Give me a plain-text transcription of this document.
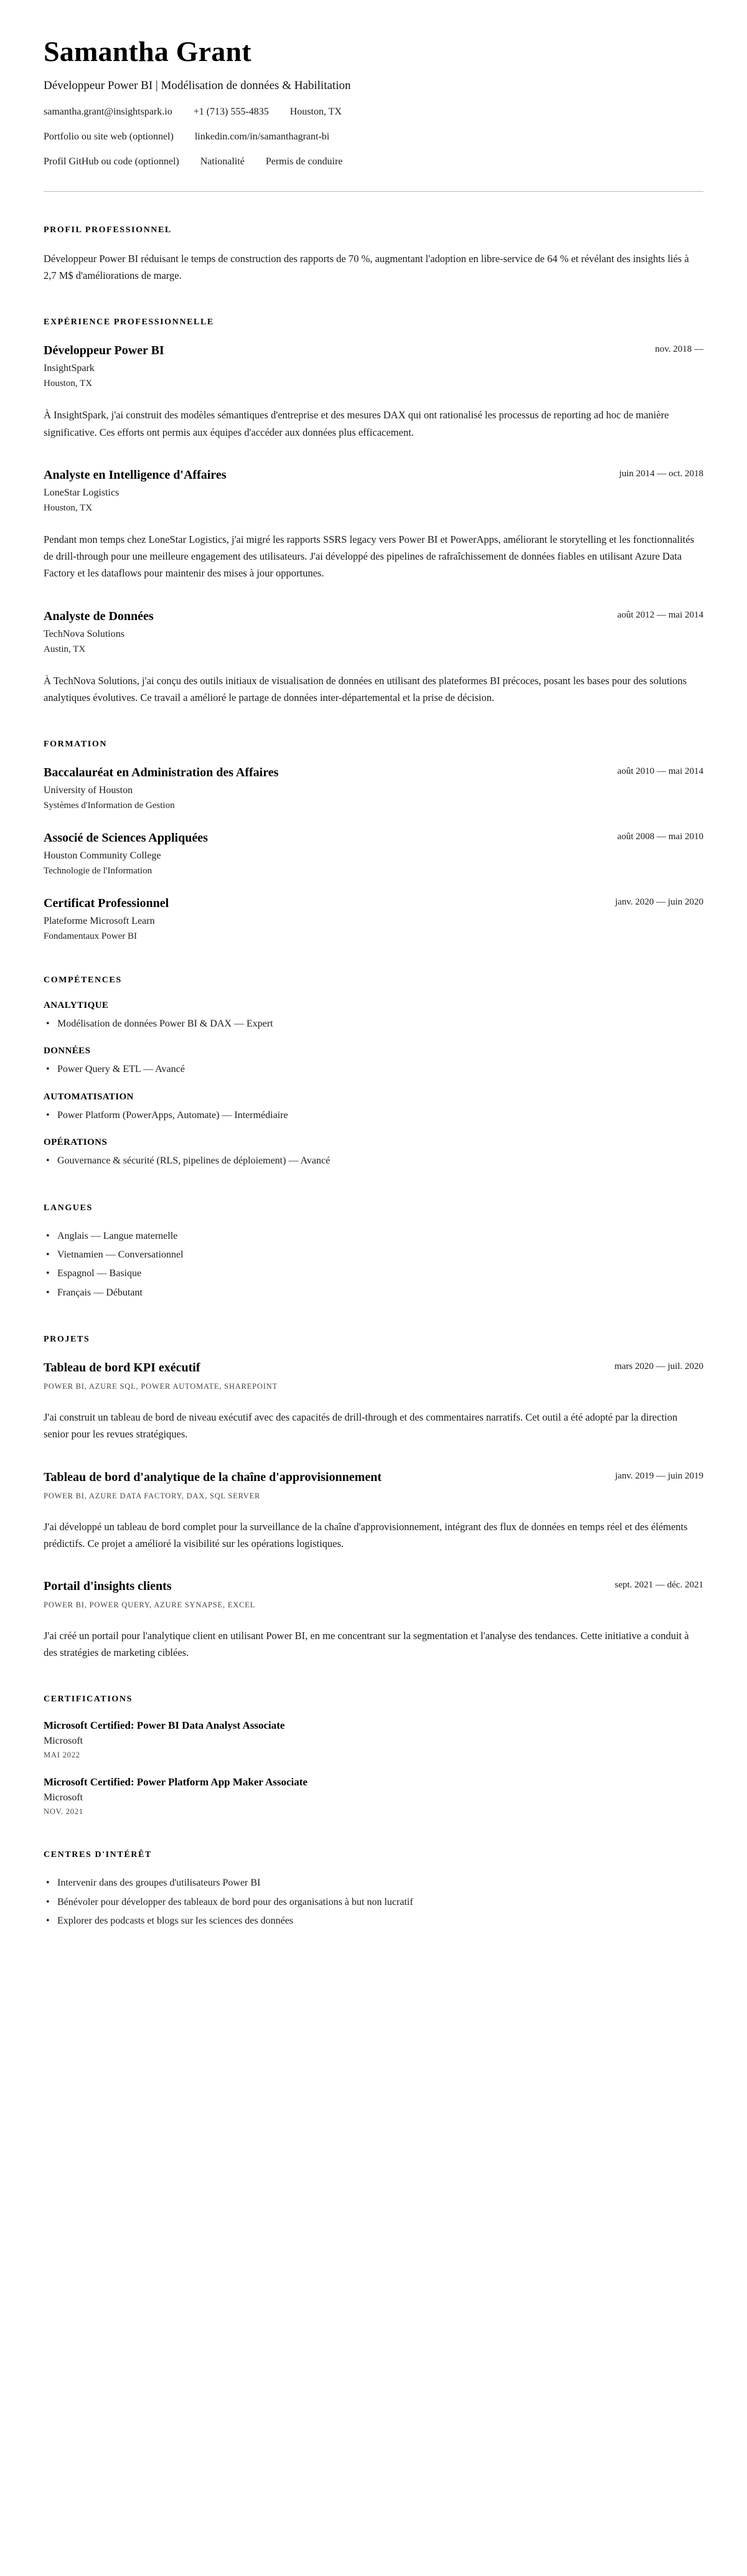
Samantha Grant

Développeur Power BI | Modélisation de données & Habilitation

samantha.grant@insightspark.io +1 (713) 555-4835 Houston, TX
Portfolio ou site web (optionnel) linkedin.com/in/samanthagrant-bi
Profil GitHub ou code (optionnel) Nationalité Permis de conduire
PROFIL PROFESSIONNEL

Développeur Power BI réduisant le temps de construction des rapports de 70 %, augmentant l'adoption en libre-service de 64 % et révélant des insights liés à 2,7 M$ d'améliorations de marge.

EXPÉRIENCE PROFESSIONNELLE
Développeur Power BI	nov. 2018 —
InsightSpark
Houston, TX

À InsightSpark, j'ai construit des modèles sémantiques d'entreprise et des mesures DAX qui ont rationalisé les processus de reporting ad hoc de manière significative. Ces efforts ont permis aux équipes d'accéder aux données plus efficacement.

Analyste en Intelligence d'Affaires	juin 2014 — oct. 2018
LoneStar Logistics
Houston, TX

Pendant mon temps chez LoneStar Logistics, j'ai migré les rapports SSRS legacy vers Power BI et PowerApps, améliorant le storytelling et les fonctionnalités de drill-through pour une meilleure engagement des utilisateurs. J'ai développé des pipelines de rafraîchissement de données fiables en utilisant Azure Data Factory et les dataflows pour maintenir des mises à jour opportunes.

Analyste de Données	août 2012 — mai 2014
TechNova Solutions
Austin, TX

À TechNova Solutions, j'ai conçu des outils initiaux de visualisation de données en utilisant des plateformes BI précoces, posant les bases pour des solutions analytiques évolutives. Ce travail a amélioré le partage de données inter-départemental et la prise de décision.

FORMATION
Baccalauréat en Administration des Affaires	août 2010 — mai 2014
University of Houston
Systèmes d'Information de Gestion
Associé de Sciences Appliquées	août 2008 — mai 2010
Houston Community College
Technologie de l'Information
Certificat Professionnel	janv. 2020 — juin 2020
Plateforme Microsoft Learn
Fondamentaux Power BI
COMPÉTENCES
ANALYTIQUE
• Modélisation de données Power BI & DAX — Expert
DONNÉES
• Power Query & ETL — Avancé
AUTOMATISATION
• Power Platform (PowerApps, Automate) — Intermédiaire
OPÉRATIONS
• Gouvernance & sécurité (RLS, pipelines de déploiement) — Avancé
LANGUES
• Anglais — Langue maternelle
• Vietnamien — Conversationnel
• Espagnol — Basique
• Français — Débutant
PROJETS
Tableau de bord KPI exécutif	mars 2020 — juil. 2020
POWER BI, AZURE SQL, POWER AUTOMATE, SHAREPOINT

J'ai construit un tableau de bord de niveau exécutif avec des capacités de drill-through et des commentaires narratifs. Cet outil a été adopté par la direction senior pour les revues stratégiques.

Tableau de bord d'analytique de la chaîne d'approvisionnement	janv. 2019 — juin 2019
POWER BI, AZURE DATA FACTORY, DAX, SQL SERVER

J'ai développé un tableau de bord complet pour la surveillance de la chaîne d'approvisionnement, intégrant des flux de données en temps réel et des éléments prédictifs. Ce projet a amélioré la visibilité sur les opérations logistiques.

Portail d'insights clients	sept. 2021 — déc. 2021
POWER BI, POWER QUERY, AZURE SYNAPSE, EXCEL

J'ai créé un portail pour l'analytique client en utilisant Power BI, en me concentrant sur la segmentation et l'analyse des tendances. Cette initiative a conduit à des stratégies de marketing ciblées.

CERTIFICATIONS
Microsoft Certified: Power BI Data Analyst Associate
Microsoft
MAI 2022
Microsoft Certified: Power Platform App Maker Associate
Microsoft
NOV. 2021
CENTRES D'INTÉRÊT
• Intervenir dans des groupes d'utilisateurs Power BI
• Bénévoler pour développer des tableaux de bord pour des organisations à but non lucratif
• Explorer des podcasts et blogs sur les sciences des données
